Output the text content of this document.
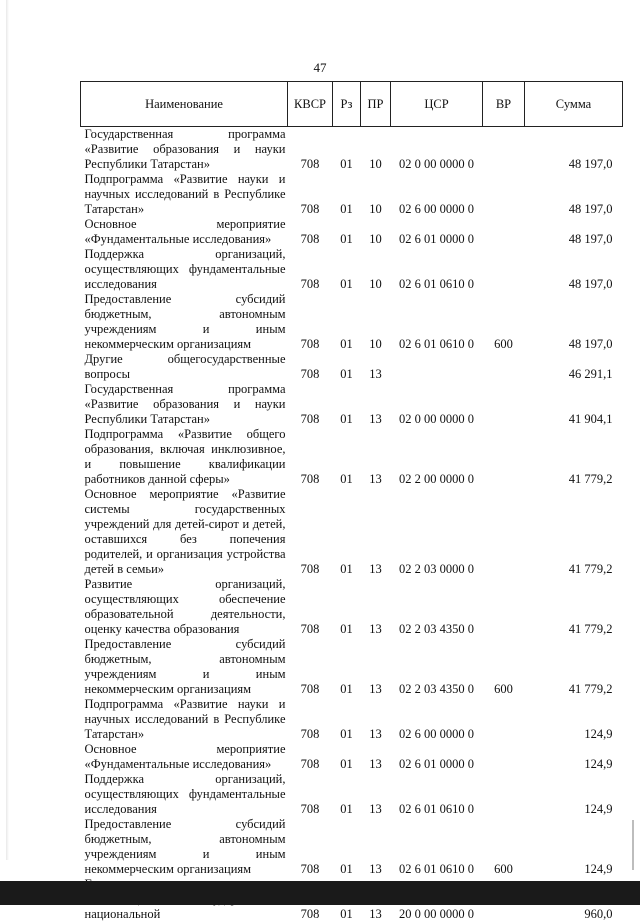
47
Наименование	КВСР	Рз	ПР	ЦСР	ВР	Сумма
Государственная программа «Развитие образования и науки Республики Татарстан»	708	01	10	02 0 00 0000 0		48 197,0
Подпрограмма «Развитие науки и научных исследований в Республике Татарстан»	708	01	10	02 6 00 0000 0		48 197,0
Основное мероприятие «Фундаментальные исследования»	708	01	10	02 6 01 0000 0		48 197,0
Поддержка организаций, осуществляющих фундаментальные исследования	708	01	10	02 6 01 0610 0		48 197,0
Предоставление субсидий бюджетным, автономным учреждениям и иным некоммерческим организациям	708	01	10	02 6 01 0610 0	600	48 197,0
Другие общегосударственные вопросы	708	01	13			46 291,1
Государственная программа «Развитие образования и науки Республики Татарстан»	708	01	13	02 0 00 0000 0		41 904,1
Подпрограмма «Развитие общего образования, включая инклюзивное, и повышение квалификации работников данной сферы»	708	01	13	02 2 00 0000 0		41 779,2
Основное мероприятие «Развитие системы государственных учреждений для детей-сирот и детей, оставшихся без попечения родителей, и организация устройства детей в семьи»	708	01	13	02 2 03 0000 0		41 779,2
Развитие организаций, осуществляющих обеспечение образовательной деятельности, оценку качества образования	708	01	13	02 2 03 4350 0		41 779,2
Предоставление субсидий бюджетным, автономным учреждениям и иным некоммерческим организациям	708	01	13	02 2 03 4350 0	600	41 779,2
Подпрограмма «Развитие науки и научных исследований в Республике Татарстан»	708	01	13	02 6 00 0000 0		124,9
Основное мероприятие «Фундаментальные исследования»	708	01	13	02 6 01 0000 0		124,9
Поддержка организаций, осуществляющих фундаментальные исследования	708	01	13	02 6 01 0610 0		124,9
Предоставление субсидий бюджетным, автономным учреждениям и иным некоммерческим организациям	708	01	13	02 6 01 0610 0	600	124,9
национальной	708	01	13	20 0 00 0000 0		960,0
